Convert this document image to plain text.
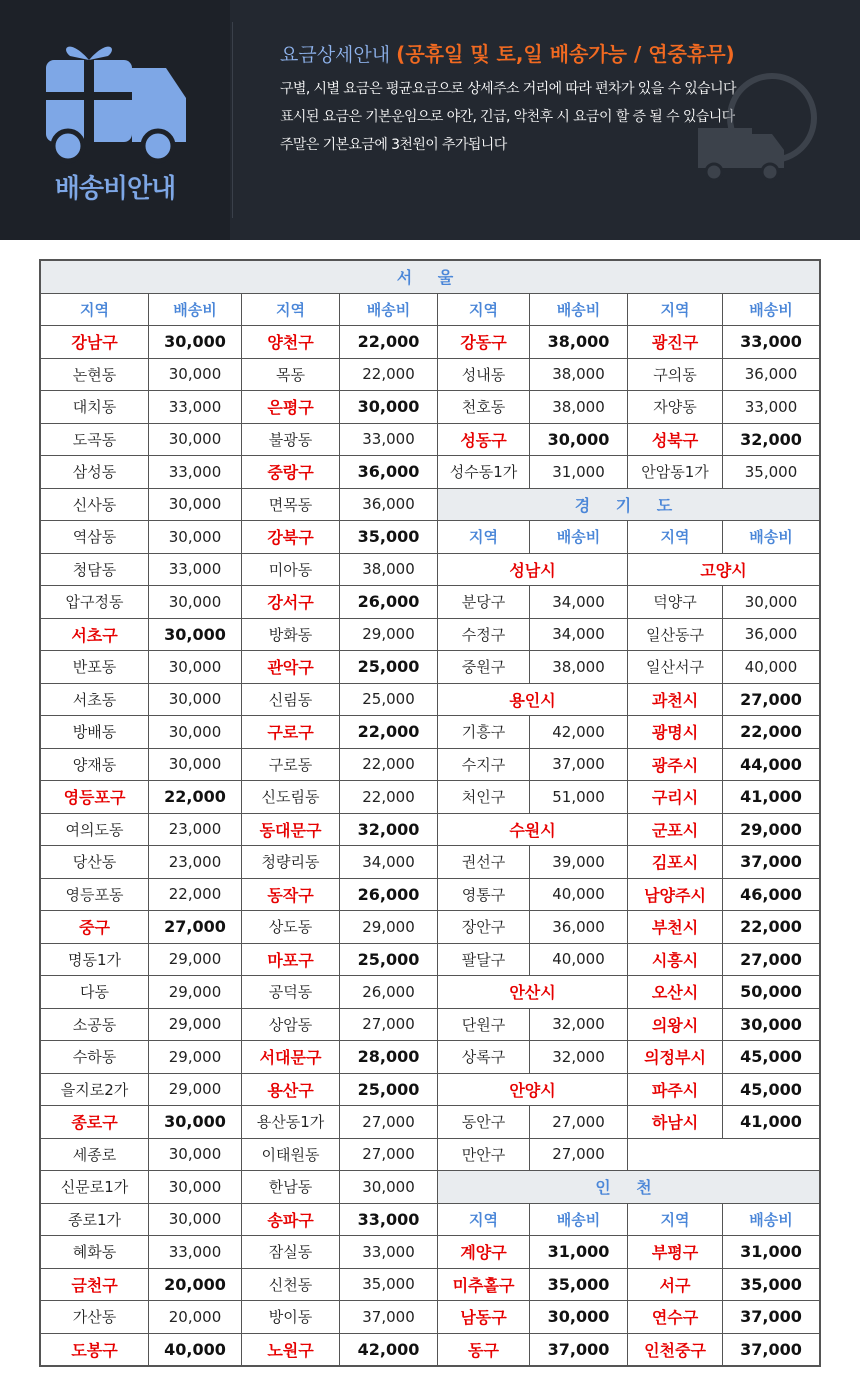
배송비안내
요금상세안내 (공휴일 및 토,일 배송가능 / 연중휴무)
구별, 시별 요금은 평균요금으로 상세주소 거리에 따라 편차가 있을 수 있습니다
표시된 요금은 기본운임으로 야간, 긴급, 악천후 시 요금이 할 증 될 수 있습니다
주말은 기본요금에 3천원이 추가됩니다
서 울
지역	배송비	지역	배송비	지역	배송비	지역	배송비
강남구	30,000	양천구	22,000	강동구	38,000	광진구	33,000
논현동	30,000	목동	22,000	성내동	38,000	구의동	36,000
대치동	33,000	은평구	30,000	천호동	38,000	자양동	33,000
도곡동	30,000	불광동	33,000	성동구	30,000	성북구	32,000
삼성동	33,000	중랑구	36,000	성수동1가	31,000	안암동1가	35,000
신사동	30,000	면목동	36,000	경 기 도
역삼동	30,000	강북구	35,000	지역	배송비	지역	배송비
청담동	33,000	미아동	38,000	성남시	고양시
압구정동	30,000	강서구	26,000	분당구	34,000	덕양구	30,000
서초구	30,000	방화동	29,000	수정구	34,000	일산동구	36,000
반포동	30,000	관악구	25,000	중원구	38,000	일산서구	40,000
서초동	30,000	신림동	25,000	용인시	과천시	27,000
방배동	30,000	구로구	22,000	기흥구	42,000	광명시	22,000
양재동	30,000	구로동	22,000	수지구	37,000	광주시	44,000
영등포구	22,000	신도림동	22,000	처인구	51,000	구리시	41,000
여의도동	23,000	동대문구	32,000	수원시	군포시	29,000
당산동	23,000	청량리동	34,000	권선구	39,000	김포시	37,000
영등포동	22,000	동작구	26,000	영통구	40,000	남양주시	46,000
중구	27,000	상도동	29,000	장안구	36,000	부천시	22,000
명동1가	29,000	마포구	25,000	팔달구	40,000	시흥시	27,000
다동	29,000	공덕동	26,000	안산시	오산시	50,000
소공동	29,000	상암동	27,000	단원구	32,000	의왕시	30,000
수하동	29,000	서대문구	28,000	상록구	32,000	의정부시	45,000
을지로2가	29,000	용산구	25,000	안양시	파주시	45,000
종로구	30,000	용산동1가	27,000	동안구	27,000	하남시	41,000
세종로	30,000	이태원동	27,000	만안구	27,000
신문로1가	30,000	한남동	30,000	인 천
종로1가	30,000	송파구	33,000	지역	배송비	지역	배송비
혜화동	33,000	잠실동	33,000	계양구	31,000	부평구	31,000
금천구	20,000	신천동	35,000	미추홀구	35,000	서구	35,000
가산동	20,000	방이동	37,000	남동구	30,000	연수구	37,000
도봉구	40,000	노원구	42,000	동구	37,000	인천중구	37,000
